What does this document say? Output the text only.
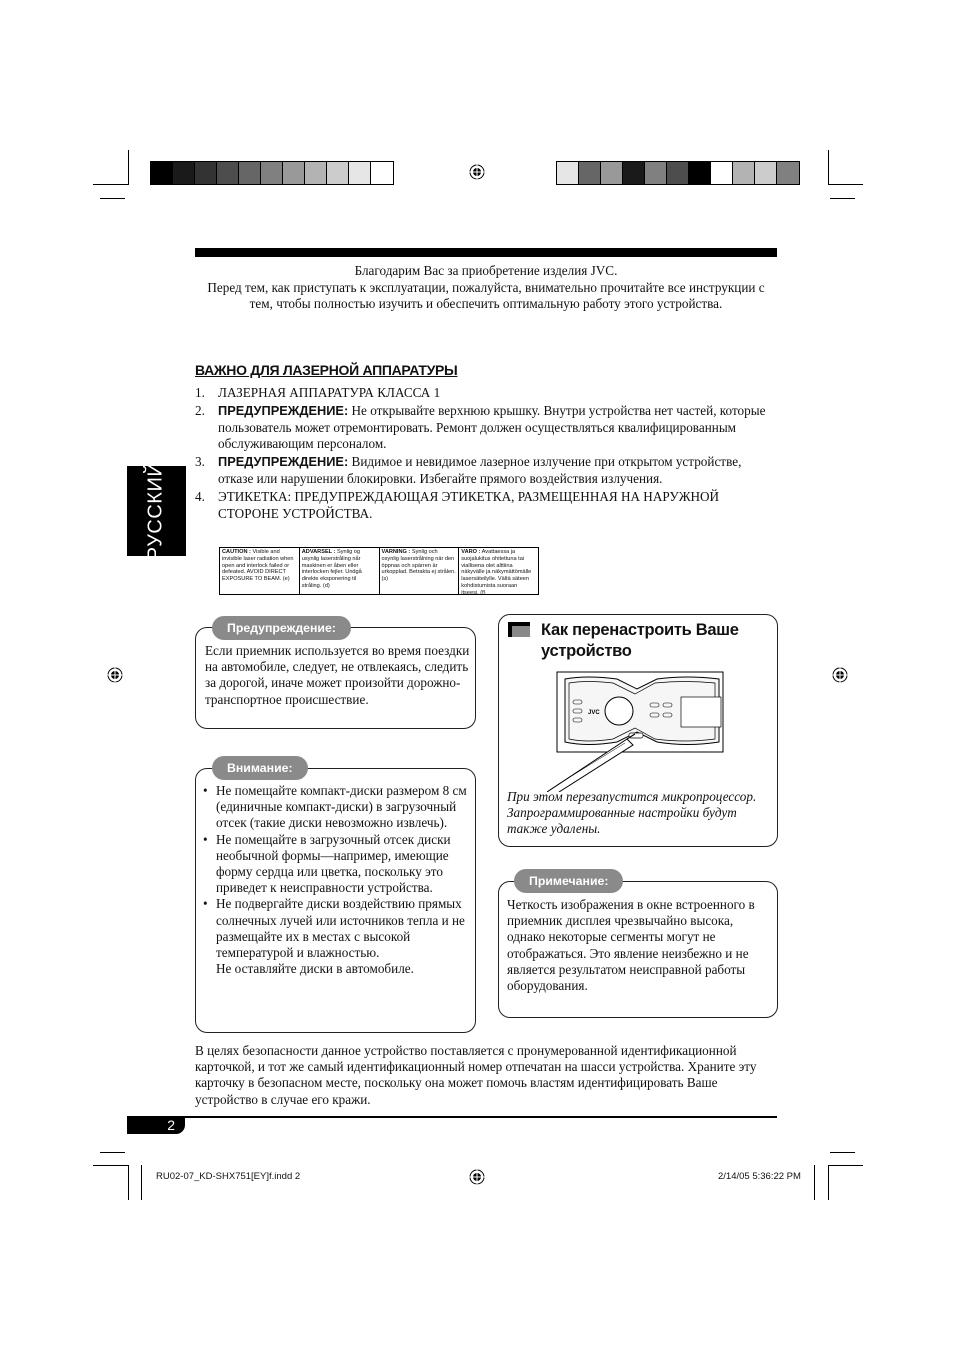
Благодарим Вас за приобретение изделия JVC.
Перед тем, как приступать к эксплуатации, пожалуйста, внимательно прочитайте все инструкции с тем, чтобы полностью изучить и обеспечить оптимальную работу этого устройства.
ВАЖНО ДЛЯ ЛАЗЕРНОЙ АППАРАТУРЫ
1. ЛАЗЕРНАЯ АППАРАТУРА КЛАССА 1
2. ПРЕДУПРЕЖДЕНИЕ: Не открывайте верхнюю крышку. Внутри устройства нет частей, которые пользователь может отремонтировать. Ремонт должен осуществляться квалифицированным обслуживающим персоналом.
3. ПРЕДУПРЕЖДЕНИЕ: Видимое и невидимое лазерное излучение при открытом устройстве, отказе или нарушении блокировки. Избегайте прямого воздействия излучения.
4. ЭТИКЕТКА: ПРЕДУПРЕЖДАЮЩАЯ ЭТИКЕТКА, РАЗМЕЩЕННАЯ НА НАРУЖНОЙ СТОРОНЕ УСТРОЙСТВА.
CAUTION : Visible and invisible laser radiation when open and interlock failed or defeated. AVOID DIRECT EXPOSURE TO BEAM. (e)
ADVARSEL : Synlig og usynlig laserstråling når maskinen er åben eller interlocken fejler. Undgå direkte eksponering til stråling. (d)
VARNING : Synlig och osynlig laserstrålning när den öppnas och spärren är urkopplad. Betrakta ej strålen. (s)
VARO : Avattaessa ja suojalukitus ohitettuna tai viallisena olet alttiina näkyvälle ja näkymättömälle lasersäteilylle. Vältä säteen kohdistumista suoraan itseesi. (f)
РУССКИЙ
Предупреждение:
Если приемник используется во время поездки на автомобиле, следует, не отвлекаясь, следить за дорогой, иначе может произойти дорожно-транспортное происшествие.
Внимание:
• Не помещайте компакт-диски размером 8 см (единичные компакт-диски) в загрузочный отсек (такие диски невозможно извлечь).
• Не помещайте в загрузочный отсек диски необычной формы—например, имеющие форму сердца или цветка, поскольку это приведет к неисправности устройства.
• Не подвергайте диски воздействию прямых солнечных лучей или источников тепла и не размещайте их в местах с высокой температурой и влажностью.
Не оставляйте диски в автомобиле.
Как перенастроить Ваше устройство
JVC
При этом перезапустится микропроцессор. Запрограммированные настройки будут также удалены.
Примечание:
Четкость изображения в окне встроенного в приемник дисплея чрезвычайно высока, однако некоторые сегменты могут не отображаться. Это явление неизбежно и не является результатом неисправной работы оборудования.
В целях безопасности данное устройство поставляется с пронумерованной идентификационной карточкой, и тот же самый идентификационный номер отпечатан на шасси устройства. Храните эту карточку в безопасном месте, поскольку она может помочь властям идентифицировать Ваше устройство в случае его кражи.
2
RU02-07_KD-SHX751[EY]f.indd 2	2/14/05 5:36:22 PM
